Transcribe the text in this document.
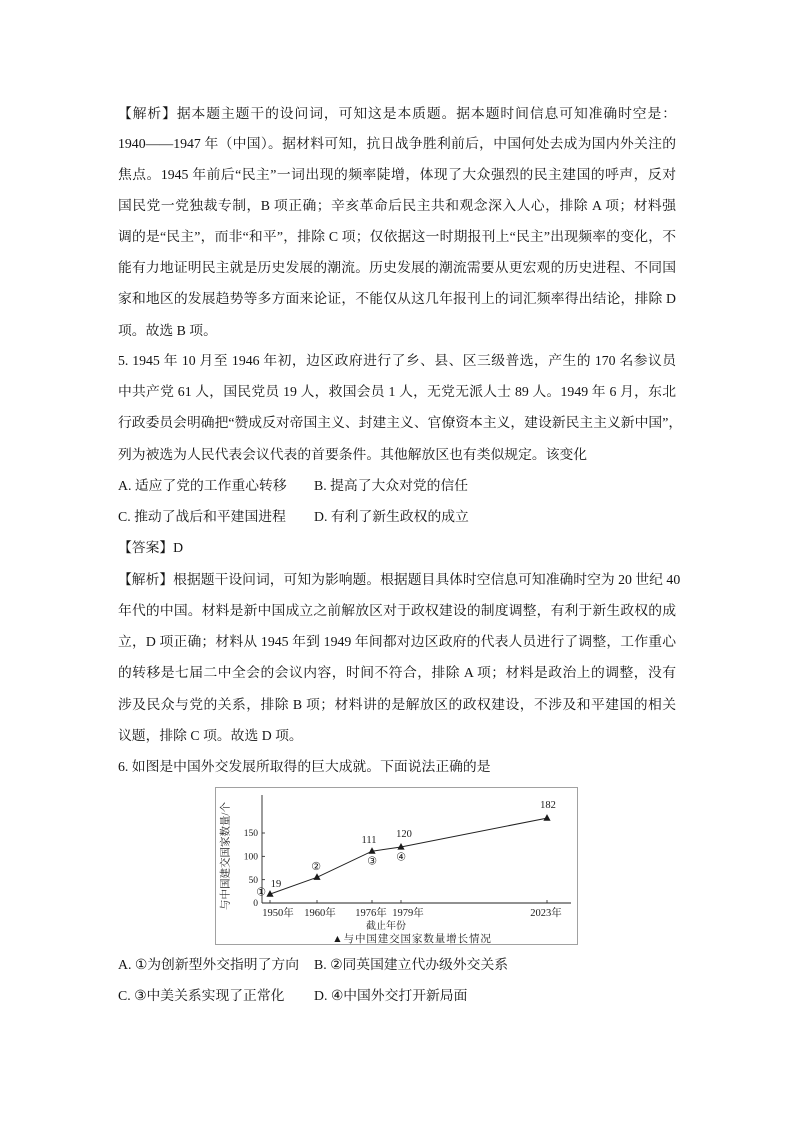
【解析】据本题主题干的设问词，可知这是本质题。据本题时间信息可知准确时空是：
1940——1947 年（中国）。据材料可知，抗日战争胜利前后，中国何处去成为国内外关注的
焦点。1945 年前后“民主”一词出现的频率陡增，体现了大众强烈的民主建国的呼声，反对
国民党一党独裁专制，B 项正确；辛亥革命后民主共和观念深入人心，排除 A 项；材料强
调的是“民主”，而非“和平”，排除 C 项；仅依据这一时期报刊上“民主”出现频率的变化，不
能有力地证明民主就是历史发展的潮流。历史发展的潮流需要从更宏观的历史进程、不同国
家和地区的发展趋势等多方面来论证，不能仅从这几年报刊上的词汇频率得出结论，排除 D
项。故选 B 项。
5. 1945 年 10 月至 1946 年初，边区政府进行了乡、县、区三级普选，产生的 170 名参议员
中共产党 61 人，国民党员 19 人，救国会员 1 人，无党无派人士 89 人。1949 年 6 月，东北
行政委员会明确把“赞成反对帝国主义、封建主义、官僚资本主义，建设新民主主义新中国”，
列为被选为人民代表会议代表的首要条件。其他解放区也有类似规定。该变化
A. 适应了党的工作重心转移 B. 提高了大众对党的信任
C. 推动了战后和平建国进程 D. 有利了新生政权的成立
【答案】D
【解析】根据题干设问词，可知为影响题。根据题目具体时空信息可知准确时空为 20 世纪 40
年代的中国。材料是新中国成立之前解放区对于政权建设的制度调整，有利于新生政权的成
立，D 项正确；材料从 1945 年到 1949 年间都对边区政府的代表人员进行了调整，工作重心
的转移是七届二中全会的会议内容，时间不符合，排除 A 项；材料是政治上的调整，没有
涉及民众与党的关系，排除 B 项；材料讲的是解放区的政权建设，不涉及和平建国的相关
议题，排除 C 项。故选 D 项。
6. 如图是中国外交发展所取得的巨大成就。下面说法正确的是
与中国建交国家数量/个
截止年份
▲与中国建交国家数量增长情况
0
50
100
150
1950年 1960年 1976年 1979年	2023年
19
①
②
111
③
120
④
182
A. ①为创新型外交指明了方向 B. ②同英国建立代办级外交关系
C. ③中美关系实现了正常化 D. ④中国外交打开新局面
